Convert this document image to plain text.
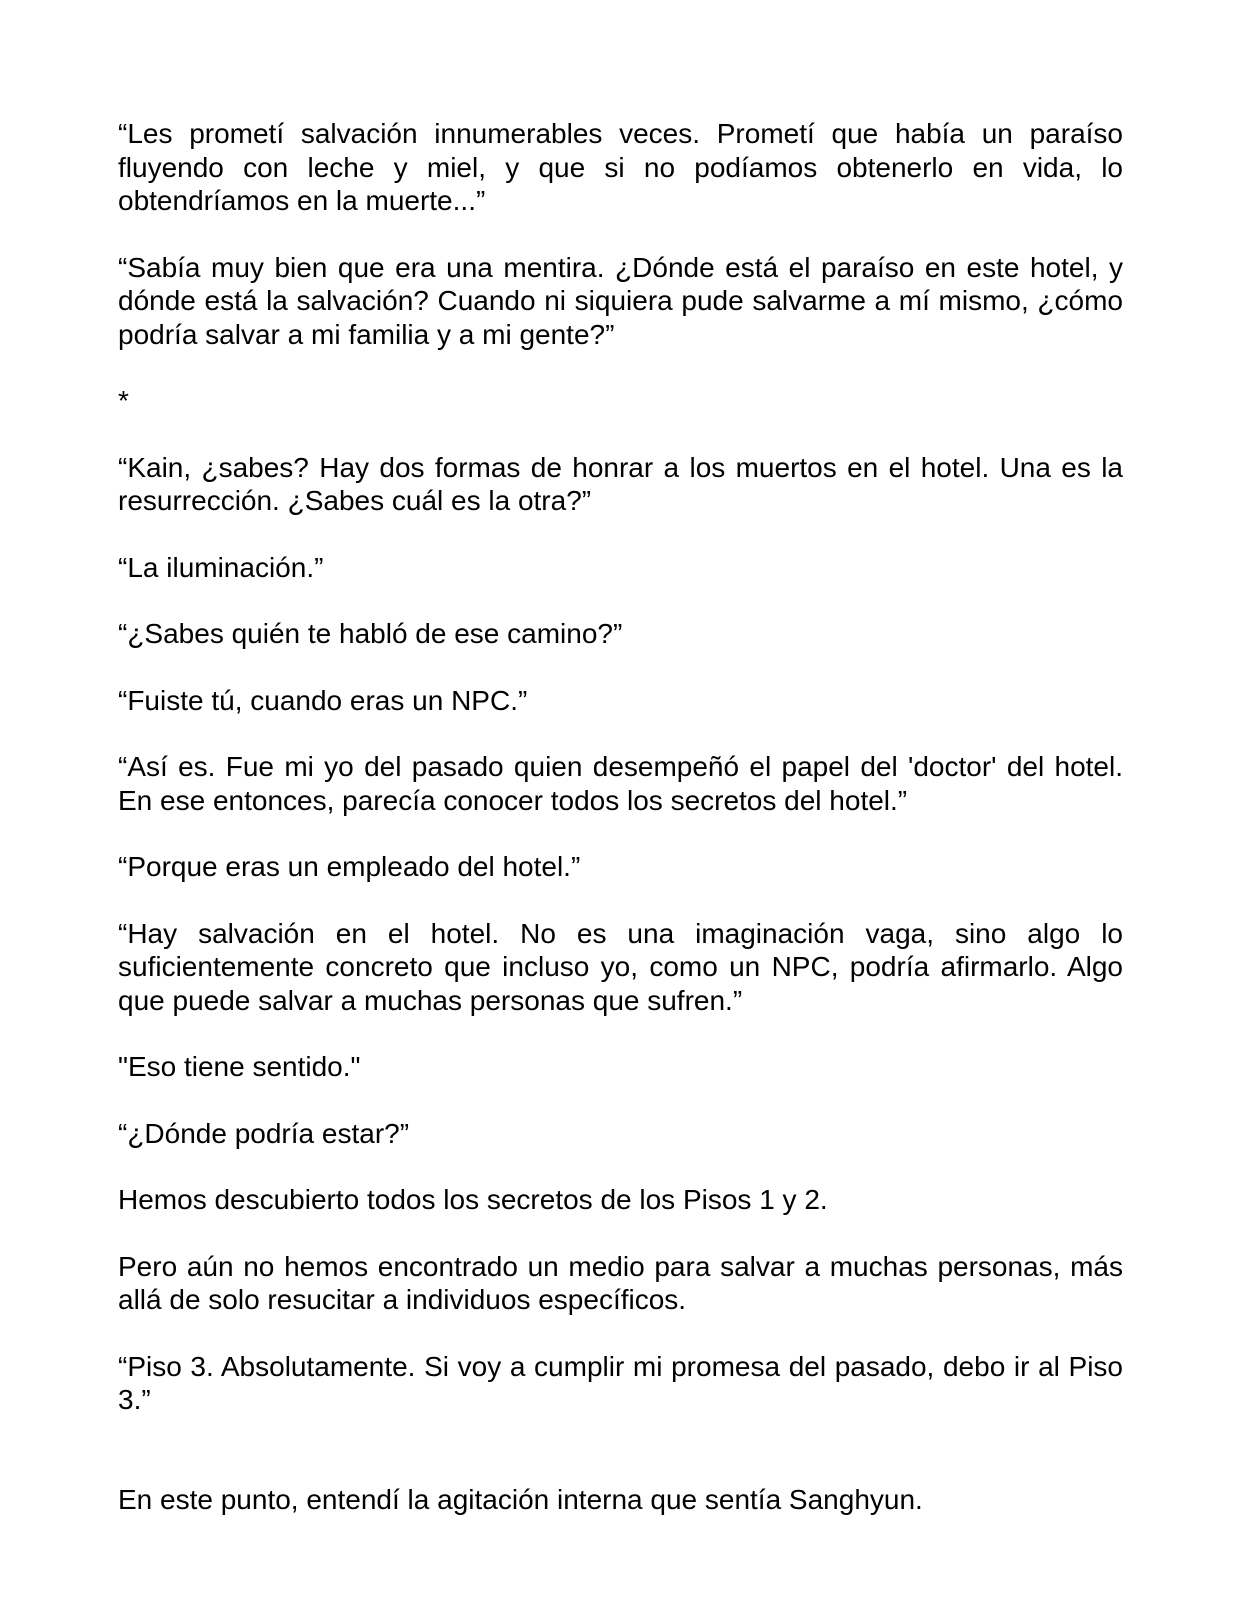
“Les prometí salvación innumerables veces. Prometí que había un paraíso fluyendo con leche y miel, y que si no podíamos obtenerlo en vida, lo obtendríamos en la muerte...”

“Sabía muy bien que era una mentira. ¿Dónde está el paraíso en este hotel, y dónde está la salvación? Cuando ni siquiera pude salvarme a mí mismo, ¿cómo podría salvar a mi familia y a mi gente?”

*

“Kain, ¿sabes? Hay dos formas de honrar a los muertos en el hotel. Una es la resurrección. ¿Sabes cuál es la otra?”

“La iluminación.”

“¿Sabes quién te habló de ese camino?”

“Fuiste tú, cuando eras un NPC.”

“Así es. Fue mi yo del pasado quien desempeñó el papel del 'doctor' del hotel. En ese entonces, parecía conocer todos los secretos del hotel.”

“Porque eras un empleado del hotel.”

“Hay salvación en el hotel. No es una imaginación vaga, sino algo lo suficientemente concreto que incluso yo, como un NPC, podría afirmarlo. Algo que puede salvar a muchas personas que sufren.”

"Eso tiene sentido."

“¿Dónde podría estar?”

Hemos descubierto todos los secretos de los Pisos 1 y 2.

Pero aún no hemos encontrado un medio para salvar a muchas personas, más allá de solo resucitar a individuos específicos.

“Piso 3. Absolutamente. Si voy a cumplir mi promesa del pasado, debo ir al Piso 3.”

En este punto, entendí la agitación interna que sentía Sanghyun.
